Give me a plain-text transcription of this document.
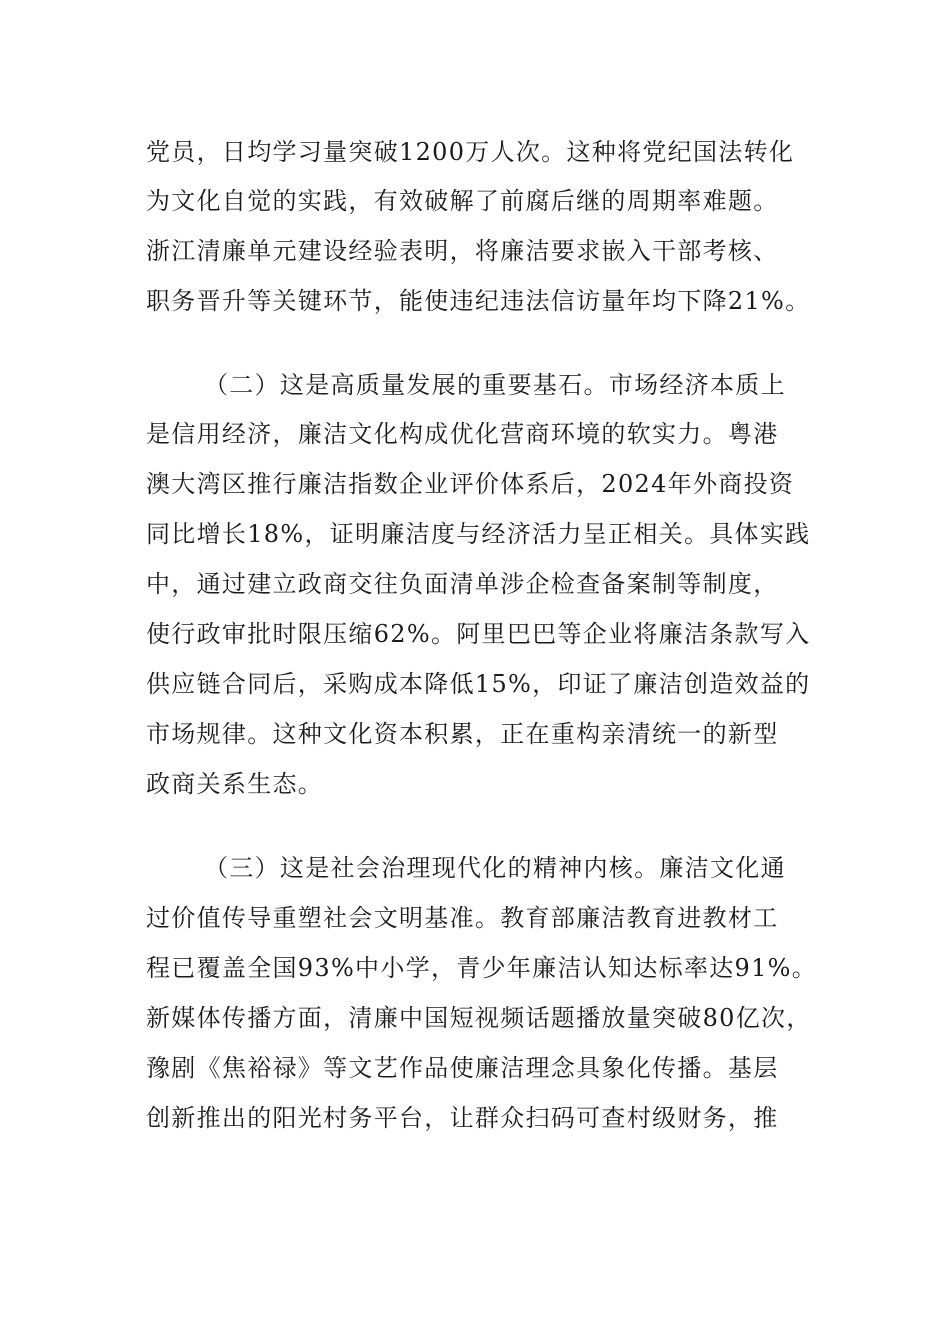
党员，日均学习量突破1200万人次。这种将党纪国法转化
为文化自觉的实践，有效破解了前腐后继的周期率难题。
浙江清廉单元建设经验表明，将廉洁要求嵌入干部考核、
职务晋升等关键环节，能使违纪违法信访量年均下降21%。
（二）这是高质量发展的重要基石。市场经济本质上
是信用经济，廉洁文化构成优化营商环境的软实力。粤港
澳大湾区推行廉洁指数企业评价体系后，2024年外商投资
同比增长18%，证明廉洁度与经济活力呈正相关。具体实践
中，通过建立政商交往负面清单涉企检查备案制等制度，
使行政审批时限压缩62%。阿里巴巴等企业将廉洁条款写入
供应链合同后，采购成本降低15%，印证了廉洁创造效益的
市场规律。这种文化资本积累，正在重构亲清统一的新型
政商关系生态。
（三）这是社会治理现代化的精神内核。廉洁文化通
过价值传导重塑社会文明基准。教育部廉洁教育进教材工
程已覆盖全国93%中小学，青少年廉洁认知达标率达91%。
新媒体传播方面，清廉中国短视频话题播放量突破80亿次，
豫剧《焦裕禄》等文艺作品使廉洁理念具象化传播。基层
创新推出的阳光村务平台，让群众扫码可查村级财务，推
